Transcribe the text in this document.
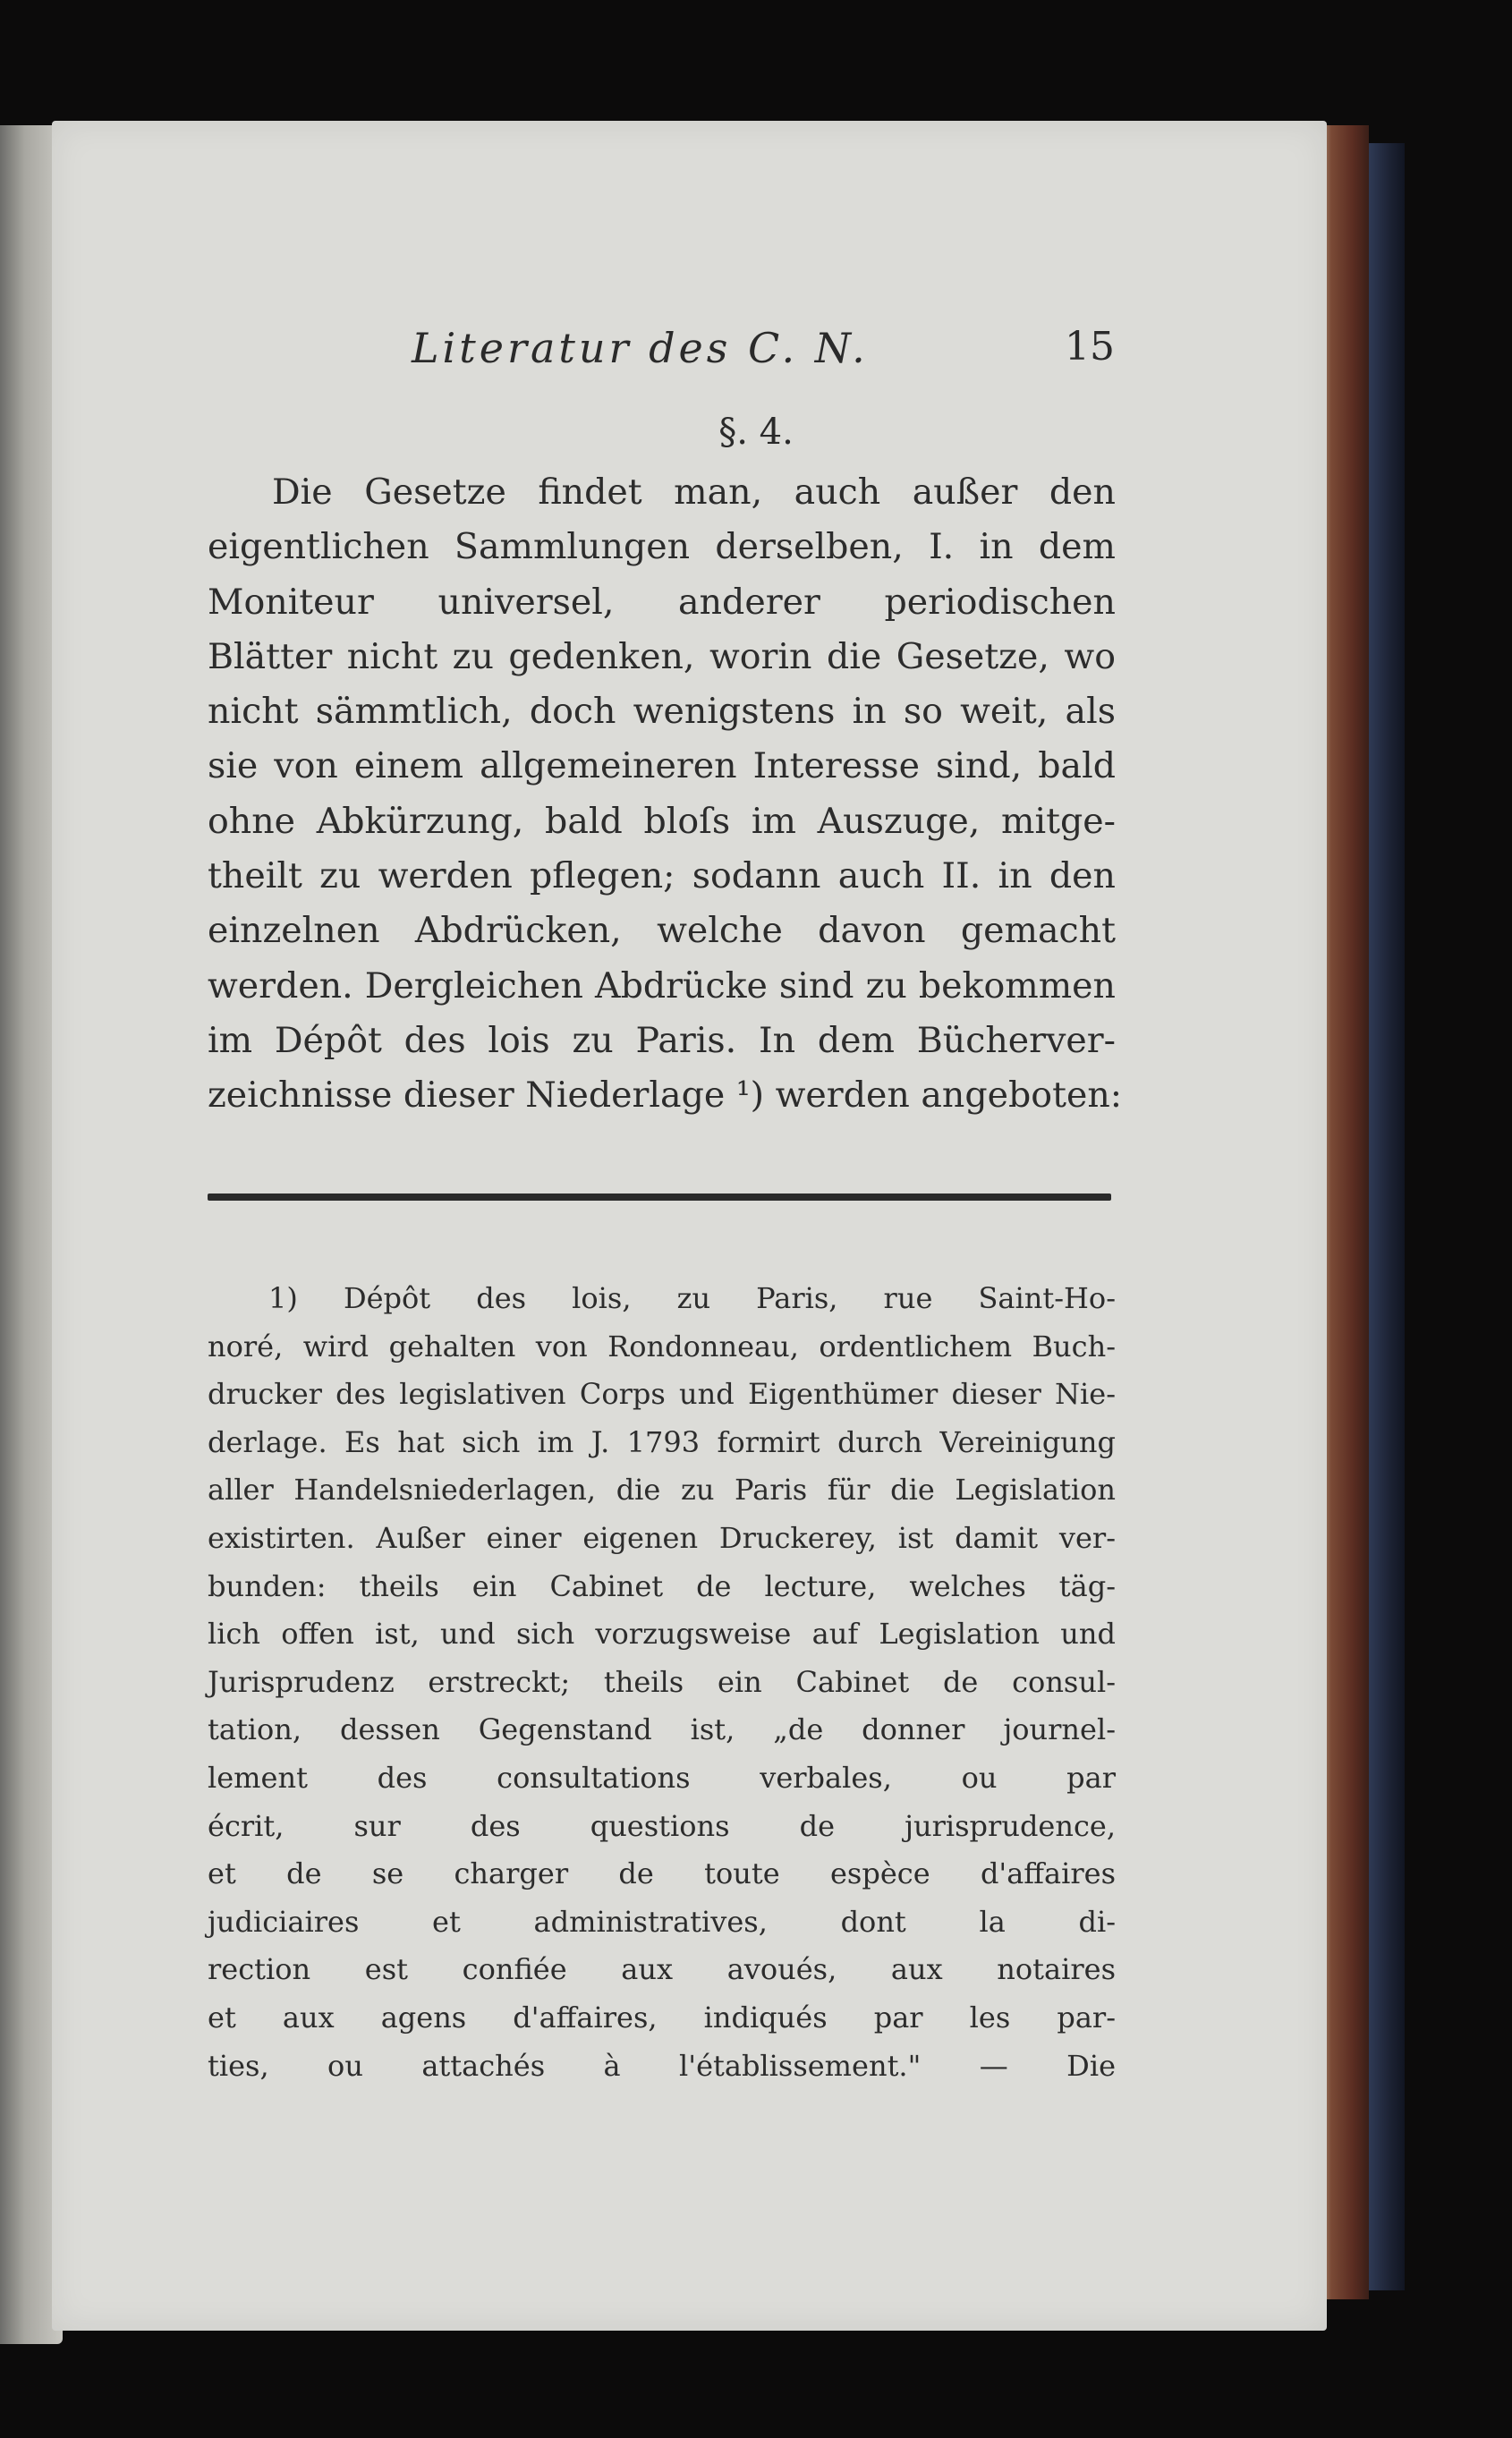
Literatur des C. N.	15
§. 4.
Die Gesetze findet man, auch außer den
eigentlichen Sammlungen derselben, I. in dem
Moniteur universel, anderer periodischen
Blätter nicht zu gedenken, worin die Gesetze, wo
nicht sämmtlich, doch wenigstens in so weit, als
sie von einem allgemeineren Interesse sind, bald
ohne Abkürzung, bald bloſs im Auszuge, mitge-
theilt zu werden pflegen; sodann auch II. in den
einzelnen Abdrücken, welche davon gemacht
werden. Dergleichen Abdrücke sind zu bekommen
im Dépôt des lois zu Paris. In dem Bücherver-
zeichnisse dieser Niederlage ¹) werden angeboten:
1) Dépôt des lois, zu Paris, rue Saint-Ho-
noré, wird gehalten von Rondonneau, ordentlichem Buch-
drucker des legislativen Corps und Eigenthümer dieser Nie-
derlage. Es hat sich im J. 1793 formirt durch Vereinigung
aller Handelsniederlagen, die zu Paris für die Legislation
existirten. Außer einer eigenen Druckerey, ist damit ver-
bunden: theils ein Cabinet de lecture, welches täg-
lich offen ist, und sich vorzugsweise auf Legislation und
Jurisprudenz erstreckt; theils ein Cabinet de consul-
tation, dessen Gegenstand ist, „de donner journel-
lement des consultations verbales, ou par
écrit, sur des questions de jurisprudence,
et de se charger de toute espèce d'affaires
judiciaires et administratives, dont la di-
rection est confiée aux avoués, aux notaires
et aux agens d'affaires, indiqués par les par-
ties, ou attachés à l'établissement." — Die
